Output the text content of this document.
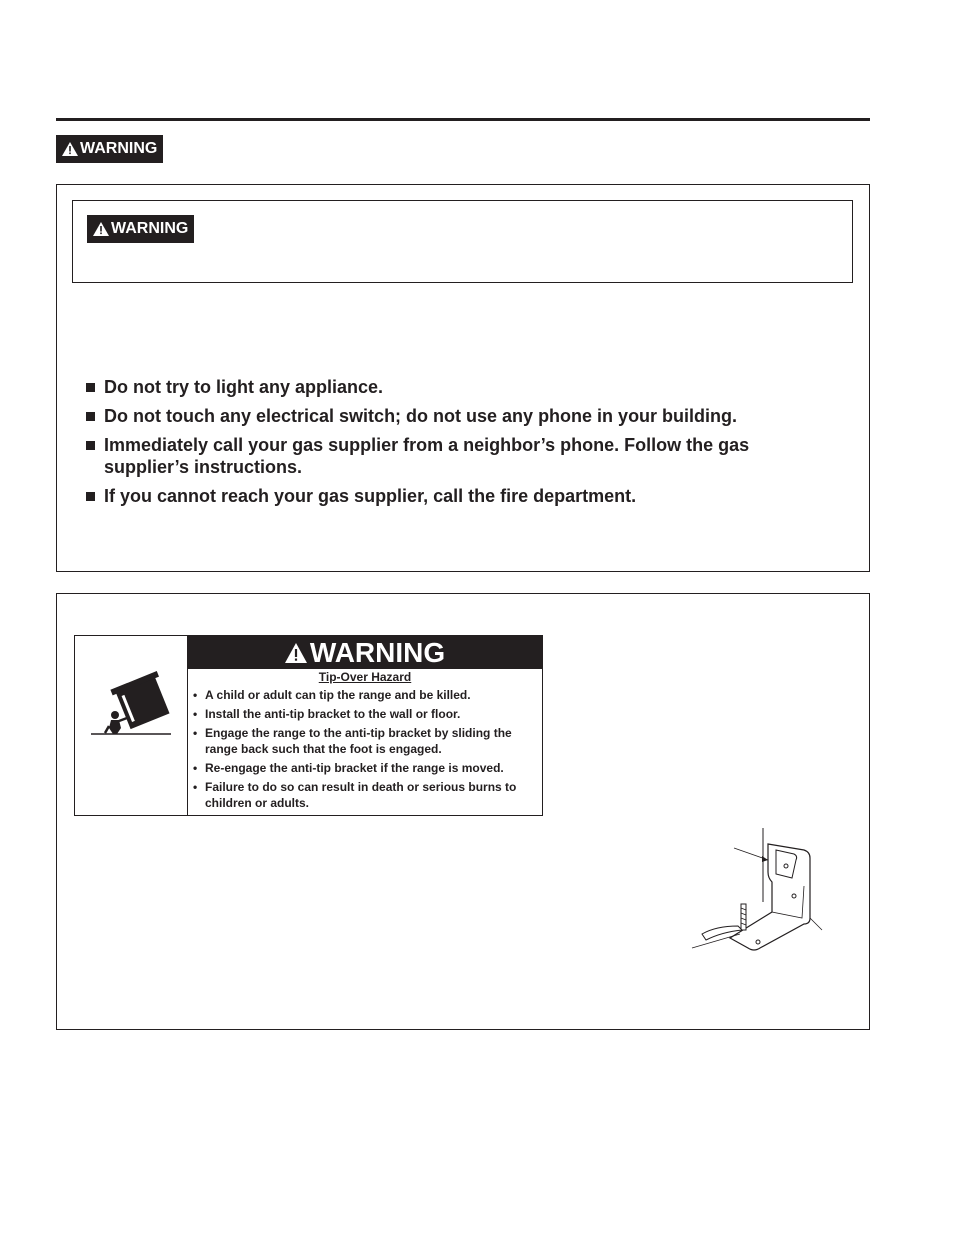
WARNING
WARNING
Do not try to light any appliance.
Do not touch any electrical switch; do not use any phone in your building.
Immediately call your gas supplier from a neighbor’s phone. Follow the gas supplier’s instructions.
If you cannot reach your gas supplier, call the fire department.
WARNING
Tip-Over Hazard
• A child or adult can tip the range and be killed.
• Install the anti-tip bracket to the wall or floor.
• Engage the range to the anti-tip bracket by sliding the range back such that the foot is engaged.
• Re-engage the anti-tip bracket if the range is moved.
• Failure to do so can result in death or serious burns to children or adults.
